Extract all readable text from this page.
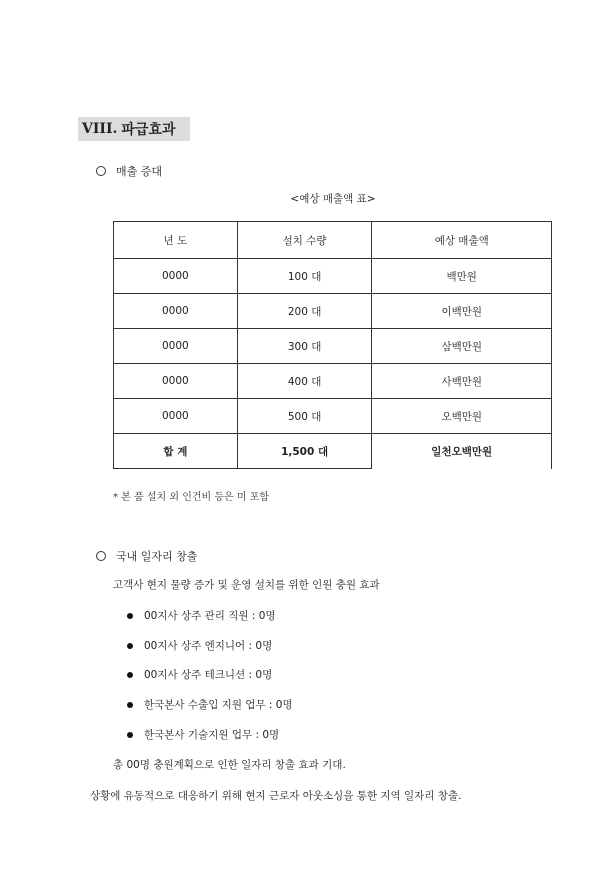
VIII. 파급효과
매출 증대
<예상 매출액 표>
년 도	설치 수량	예상 매출액
0000	100 대	백만원
0000	200 대	이백만원
0000	300 대	삼백만원
0000	400 대	사백만원
0000	500 대	오백만원
합 계	1,500 대	일천오백만원
* 본 품 설치 외 인건비 등은 미 포함
국내 일자리 창출
고객사 현지 물량 증가 및 운영 설치를 위한 인원 충원 효과
00지사 상주 관리 직원 : 0명
00지사 상주 엔지니어 : 0명
00지사 상주 테크니션 : 0명
한국본사 수출입 지원 업무 : 0명
한국본사 기술지원 업무 : 0명
총 00명 충원계획으로 인한 일자리 창출 효과 기대.
상황에 유동적으로 대응하기 위해 현지 근로자 아웃소싱을 통한 지역 일자리 창출.
